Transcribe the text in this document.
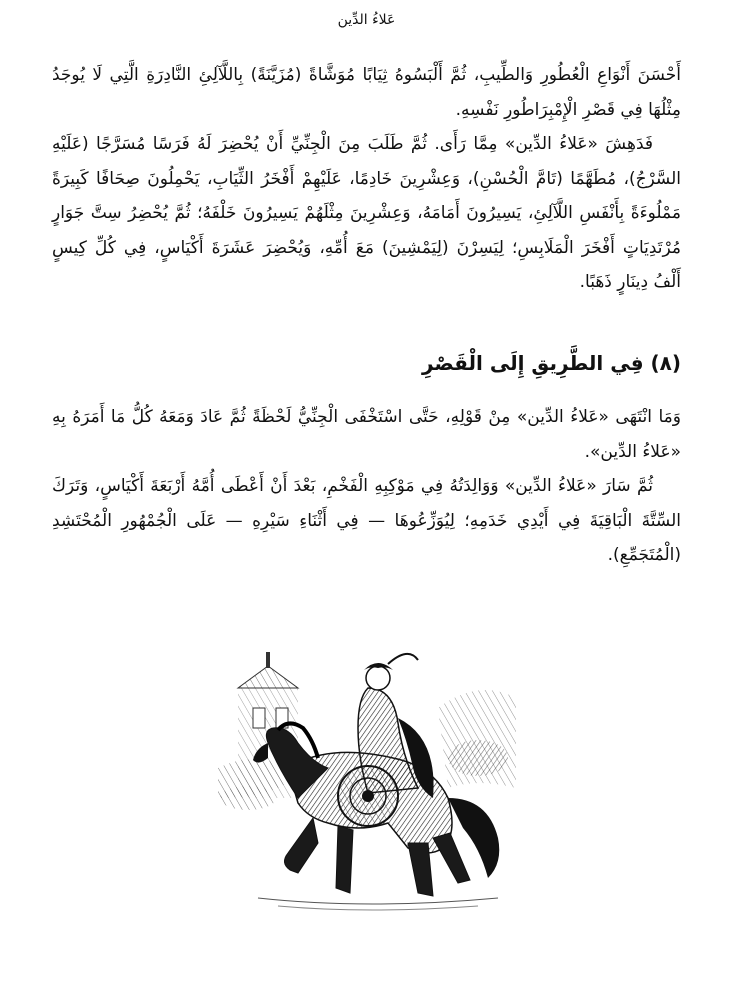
عَلاءُ الدِّين

أَحْسَنَ أَنْوَاعِ الْعُطُورِ وَالطِّيبِ، ثُمَّ أَلْبَسُوهُ ثِيَابًا مُوَشَّاةً (مُزَيَّنَةً) بِاللَّآلِئِ النَّادِرَةِ الَّتِي لَا يُوجَدُ مِثْلُهَا فِي قَصْرِ الْإِمْبِرَاطُورِ نَفْسِهِ.

فَدَهِشَ «عَلاءُ الدِّين» مِمَّا رَأَى. ثُمَّ طَلَبَ مِنَ الْجِنِّيِّ أَنْ يُحْضِرَ لَهُ فَرَسًا مُسَرَّجًا (عَلَيْهِ السَّرْجُ)، مُطَهَّمًا (تَامَّ الْحُسْنِ)، وَعِشْرِينَ خَادِمًا، عَلَيْهِمْ أَفْخَرُ الثِّيَابِ، يَحْمِلُونَ صِحَافًا كَبِيرَةً مَمْلُوءَةً بِأَنْفَسِ اللَّآلِئِ، يَسِيرُونَ أَمَامَهُ، وَعِشْرِينَ مِثْلَهُمْ يَسِيرُونَ خَلْفَهُ؛ ثُمَّ يُحْضِرُ سِتَّ جَوَارٍ مُرْتَدِيَاتٍ أَفْخَرَ الْمَلَابِسِ؛ لِيَسِرْنَ (لِيَمْشِينَ) مَعَ أُمِّهِ، وَيُحْضِرَ عَشَرَةَ أَكْيَاسٍ، فِي كُلِّ كِيسٍ أَلْفُ دِينَارٍ ذَهَبًا.

(٨) فِي الطَّرِيقِ إِلَى الْقَصْرِ

وَمَا انْتَهَى «عَلاءُ الدِّين» مِنْ قَوْلِهِ، حَتَّى اسْتَخْفَى الْجِنِّيُّ لَحْظَةً ثُمَّ عَادَ وَمَعَهُ كُلُّ مَا أَمَرَهُ بِهِ «عَلاءُ الدِّين».

ثُمَّ سَارَ «عَلاءُ الدِّين» وَوَالِدَتُهُ فِي مَوْكِبِهِ الْفَخْمِ، بَعْدَ أَنْ أَعْطَى أُمَّهُ أَرْبَعَةَ أَكْيَاسٍ، وَتَرَكَ السِّتَّةَ الْبَاقِيَةَ فِي أَيْدِي خَدَمِهِ؛ لِيُوَزِّعُوهَا — فِي أَثْنَاءِ سَيْرِهِ — عَلَى الْجُمْهُورِ الْمُحْتَشِدِ (الْمُتَجَمِّعِ).
